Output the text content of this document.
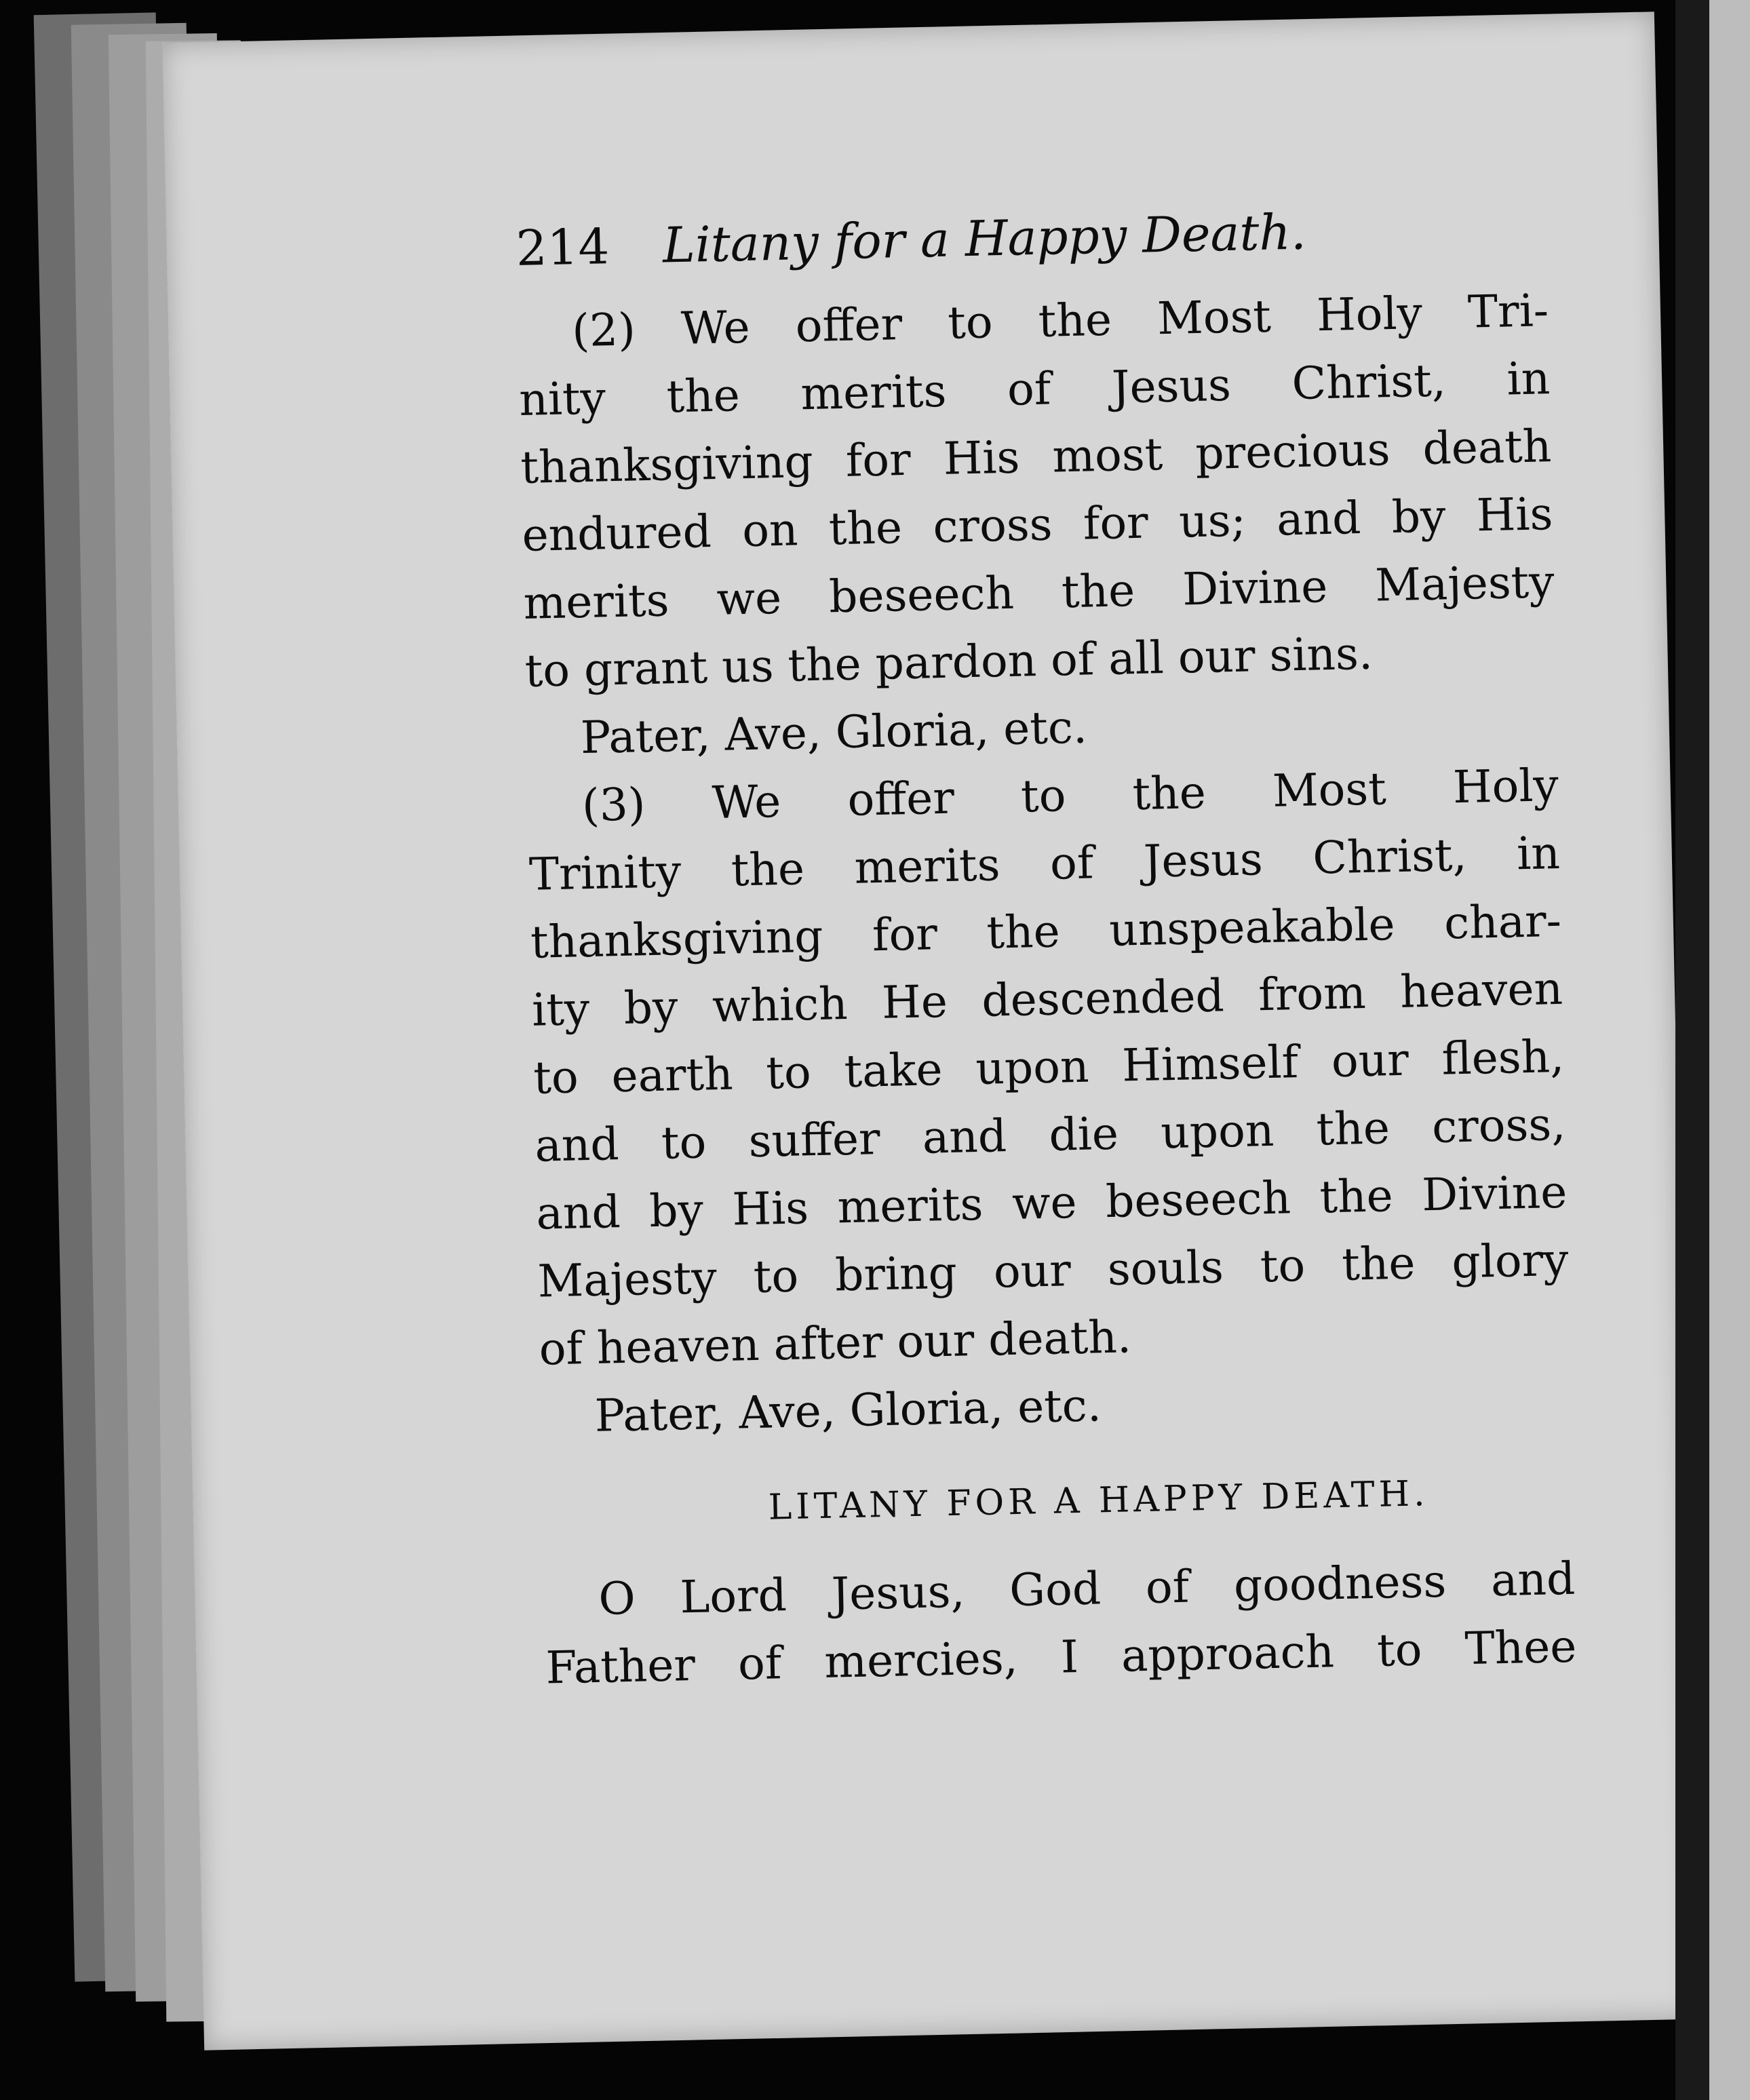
214 Litany for a Happy Death.
(2) We offer to the Most Holy Tri-
nity the merits of Jesus Christ, in
thanksgiving for His most precious death
endured on the cross for us; and by His
merits we beseech the Divine Majesty
to grant us the pardon of all our sins.
Pater, Ave, Gloria, etc.
(3) We offer to the Most Holy
Trinity the merits of Jesus Christ, in
thanksgiving for the unspeakable char-
ity by which He descended from heaven
to earth to take upon Himself our flesh,
and to suffer and die upon the cross,
and by His merits we beseech the Divine
Majesty to bring our souls to the glory
of heaven after our death.
Pater, Ave, Gloria, etc.
LITANY FOR A HAPPY DEATH.
O Lord Jesus, God of goodness and
Father of mercies, I approach to Thee
